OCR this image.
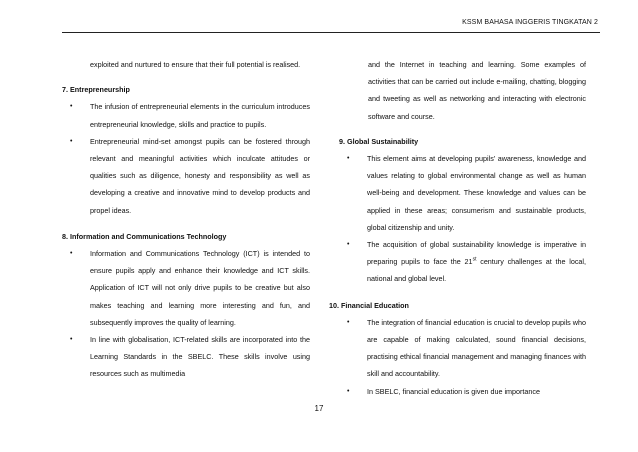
KSSM BAHASA INGGERIS TINGKATAN 2

exploited and nurtured to ensure that their full potential is realised.

7. Entrepreneurship

• The infusion of entrepreneurial elements in the curriculum introduces entrepreneurial knowledge, skills and practice to pupils.
• Entrepreneurial mind-set amongst pupils can be fostered through relevant and meaningful activities which inculcate attitudes or qualities such as diligence, honesty and responsibility as well as developing a creative and innovative mind to develop products and propel ideas.

8. Information and Communications Technology

• Information and Communications Technology (ICT) is intended to ensure pupils apply and enhance their knowledge and ICT skills. Application of ICT will not only drive pupils to be creative but also makes teaching and learning more interesting and fun, and subsequently improves the quality of learning.
• In line with globalisation, ICT-related skills are incorporated into the Learning Standards in the SBELC. These skills involve using resources such as multimedia

and the Internet in teaching and learning. Some examples of activities that can be carried out include e-mailing, chatting, blogging and tweeting as well as networking and interacting with electronic software and course.

9. Global Sustainability

• This element aims at developing pupils’ awareness, knowledge and values relating to global environmental change as well as human well-being and development. These knowledge and values can be applied in these areas; consumerism and sustainable products, global citizenship and unity.
• The acquisition of global sustainability knowledge is imperative in preparing pupils to face the 21st century challenges at the local, national and global level.

10. Financial Education

• The integration of financial education is crucial to develop pupils who are capable of making calculated, sound financial decisions, practising ethical financial management and managing finances with skill and accountability.
• In SBELC, financial education is given due importance
17
